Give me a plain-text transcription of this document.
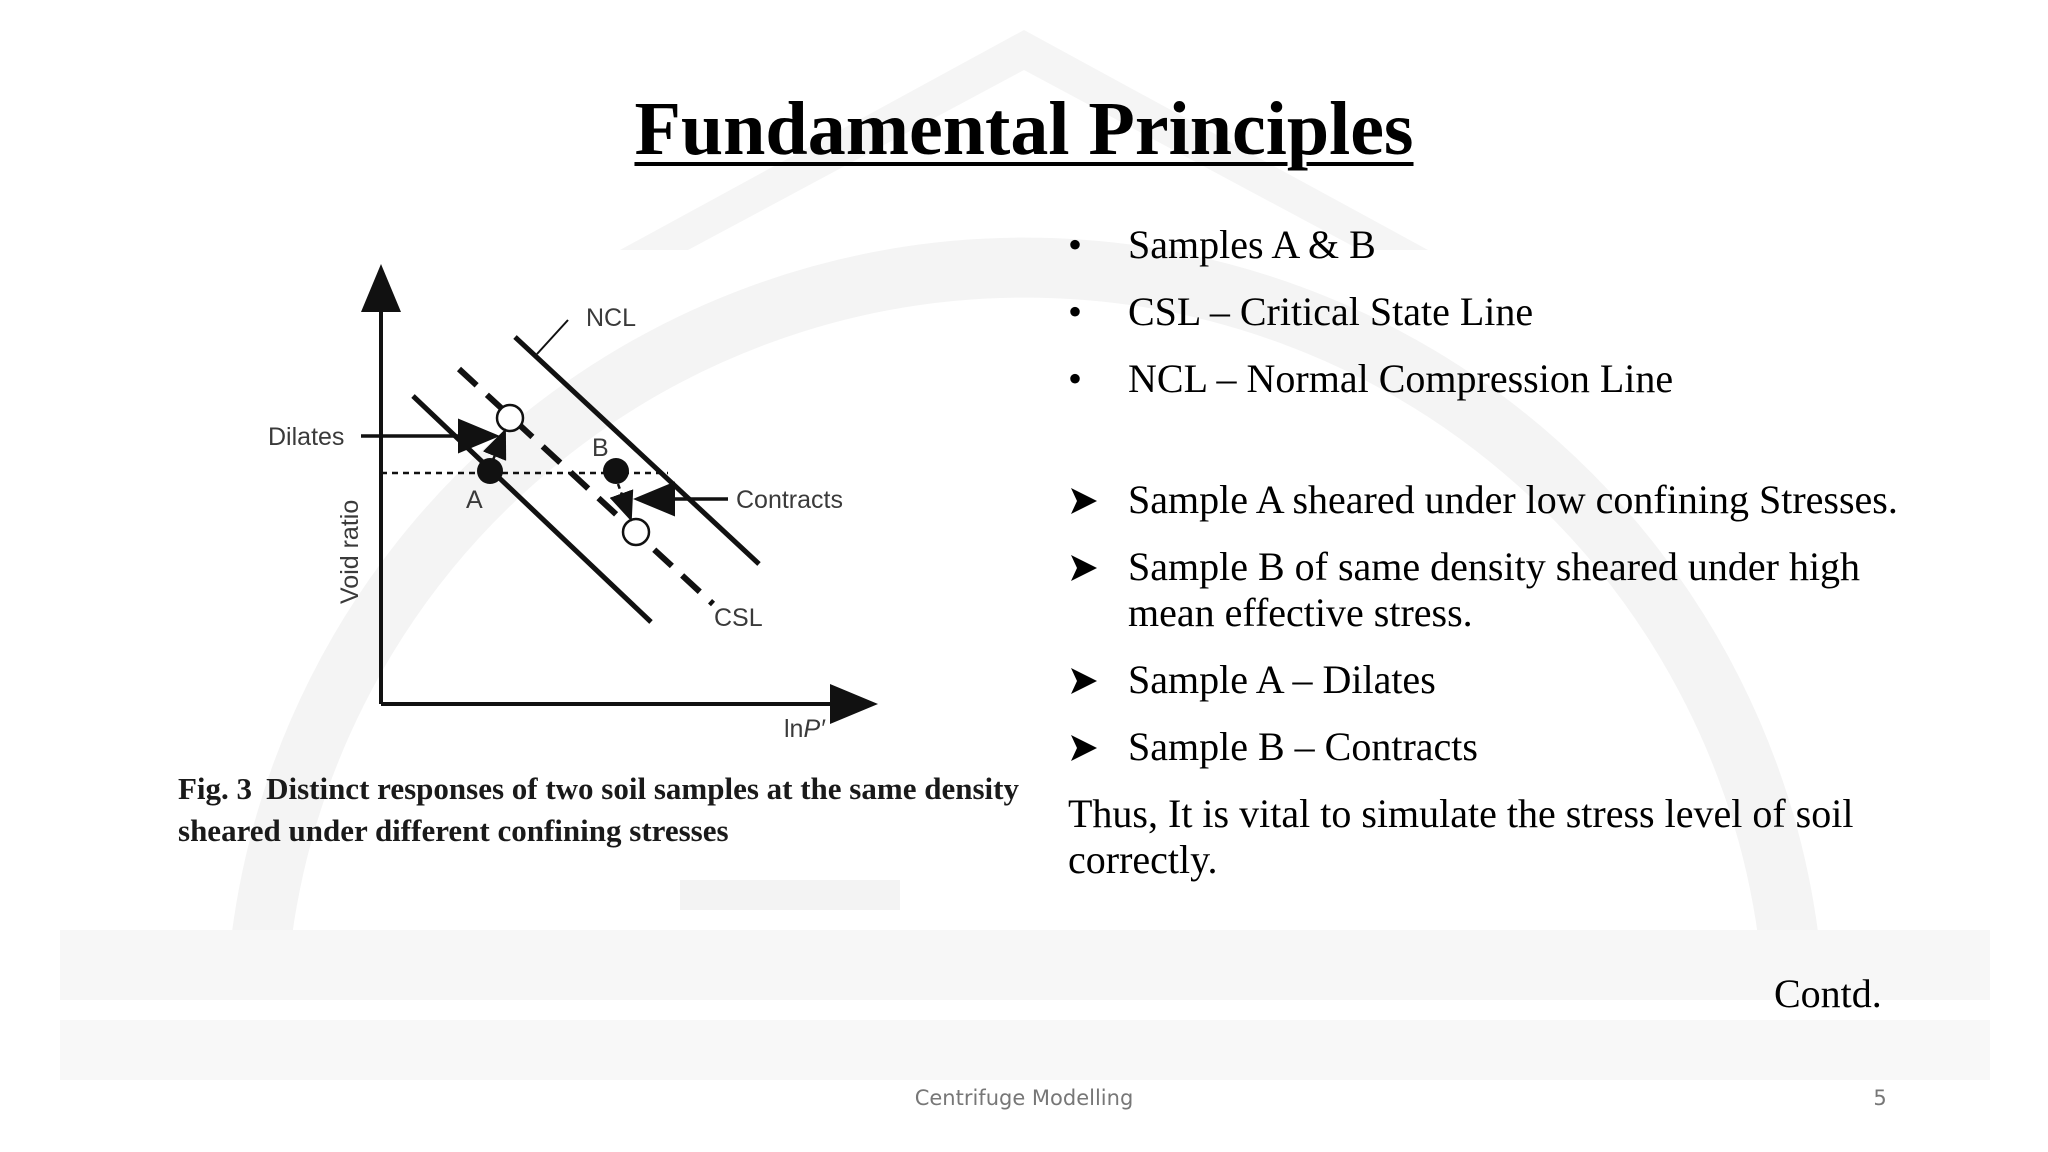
Fundamental Principles
NCL
CSL
Dilates
Contracts
A
B
Void ratio
lnP′
Fig. 3 Distinct responses of two soil samples at the same density sheared under different confining stresses
• Samples A & B
• CSL – Critical State Line
• NCL – Normal Compression Line
Sample A sheared under low confining Stresses.
Sample B of same density sheared under high mean effective stress.
Sample A – Dilates
Sample B – Contracts
Thus, It is vital to simulate the stress level of soil correctly.
Contd.
Centrifuge Modelling	5
